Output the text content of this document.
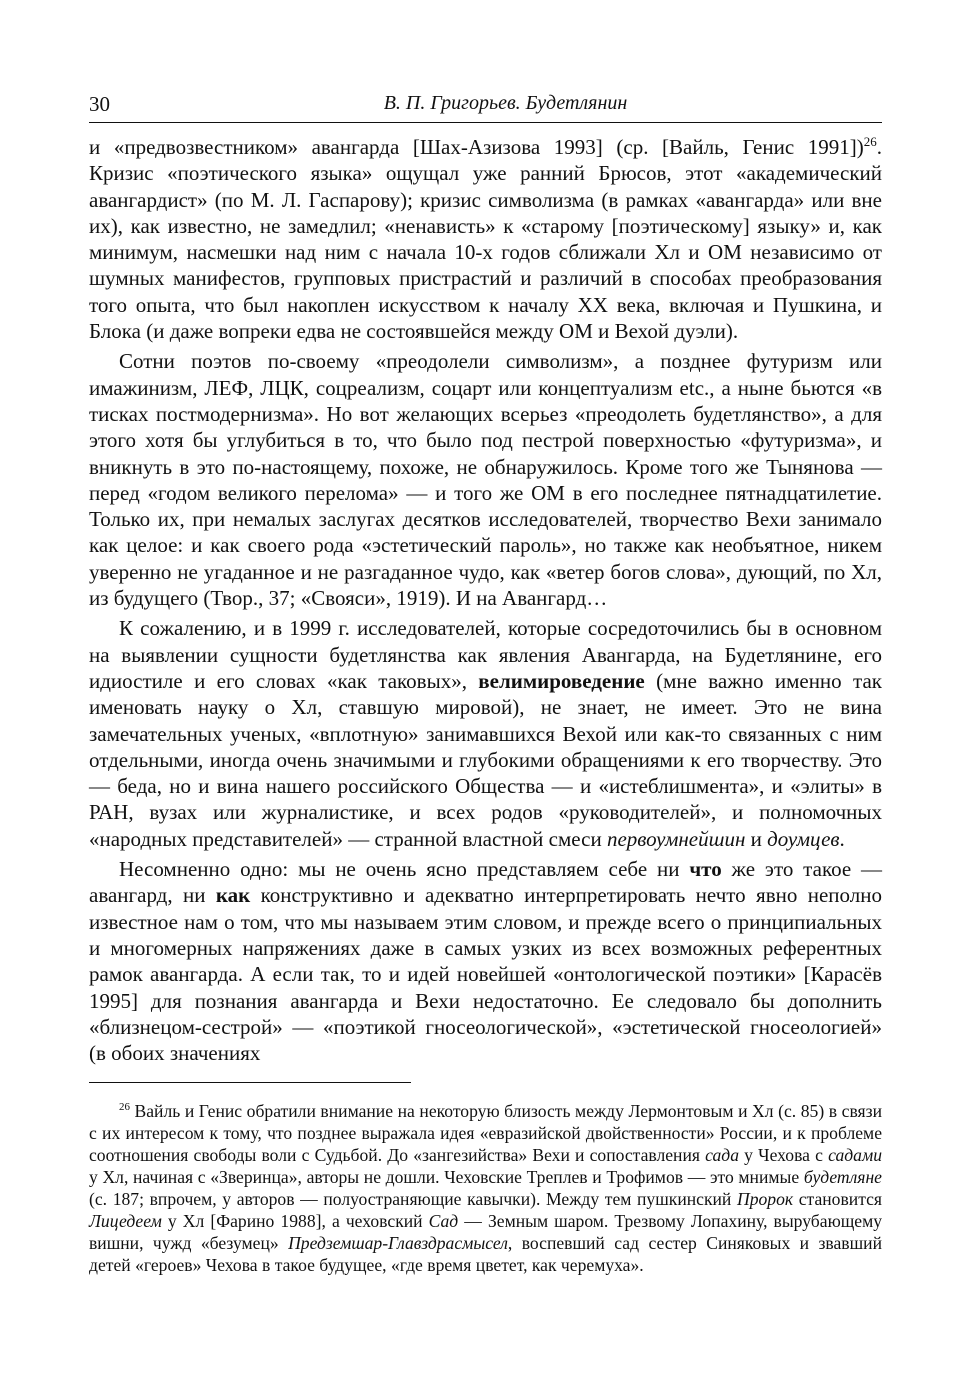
30	В. П. Григорьев. Будетлянин

и «предвозвестником» авангарда [Шах-Азизова 1993] (ср. [Вайль, Генис 1991])$^{26}$. Кризис «поэтического языка» ощущал уже ранний Брюсов, этот «академический авангардист» (по М. Л. Гаспарову); кризис символизма (в рамках «авангарда» или вне их), как известно, не замедлил; «ненависть» к «старому [поэтическому] языку» и, как минимум, насмешки над ним с начала 10-х годов сближали Хл и ОМ независимо от шумных манифестов, групповых пристрастий и различий в способах преобразования того опыта, что был накоплен искусством к началу XX века, включая и Пушкина, и Блока (и даже вопреки едва не состоявшейся между ОМ и Вехой дуэли).

Сотни поэтов по-своему «преодолели символизм», а позднее футуризм или имажинизм, ЛЕФ, ЛЦК, соцреализм, соцарт или концептуализм etc., а ныне бьются «в тисках постмодернизма». Но вот желающих всерьез «преодолеть будетлянство», а для этого хотя бы углубиться в то, что было под пестрой поверхностью «футуризма», и вникнуть в это по-настоящему, похоже, не обнаружилось. Кроме того же Тынянова — перед «годом великого перелома» — и того же ОМ в его последнее пятнадцатилетие. Только их, при немалых заслугах десятков исследователей, творчество Вехи занимало как целое: и как своего рода «эстетический пароль», но также как необъятное, никем уверенно не угаданное и не разгаданное чудо, как «ветер богов слова», дующий, по Хл, из будущего (Твор., 37; «Свояси», 1919). И на Авангард…

К сожалению, и в 1999 г. исследователей, которые сосредоточились бы в основном на выявлении сущности будетлянства как явления Авангарда, на Будетлянине, его идиостиле и его словах «как таковых», велимироведение (мне важно именно так именовать науку о Хл, ставшую мировой), не знает, не имеет. Это не вина замечательных ученых, «вплотную» занимавшихся Вехой или как-то связанных с ним отдельными, иногда очень значимыми и глубокими обращениями к его творчеству. Это — беда, но и вина нашего российского Общества — и «истеблишмента», и «элиты» в РАН, вузах или журналистике, и всех родов «руководителей», и полномочных «народных представителей» — странной властной смеси первоумнейшин и доумцев.

Несомненно одно: мы не очень ясно представляем себе ни что же это такое — авангард, ни как конструктивно и адекватно интерпретировать нечто явно неполно известное нам о том, что мы называем этим словом, и прежде всего о принципиальных и многомерных напряжениях даже в самых узких из всех возможных референтных рамок авангарда. А если так, то и идей новейшей «онтологической поэтики» [Карасёв 1995] для познания авангарда и Вехи недостаточно. Ее следовало бы дополнить «близнецом-сестрой» — «поэтикой гносеологической», «эстетической гносеологией» (в обоих значениях

$^{26}$ Вайль и Генис обратили внимание на некоторую близость между Лермонтовым и Хл (с. 85) в связи с их интересом к тому, что позднее выражала идея «евразийской двойственности» России, и к проблеме соотношения свободы воли с Судьбой. До «зангезийства» Вехи и сопоставления сада у Чехова с садами у Хл, начиная с «Зверинца», авторы не дошли. Чеховские Треплев и Трофимов — это мнимые будетляне (с. 187; впрочем, у авторов — полуостраняющие кавычки). Между тем пушкинский Пророк становится Лицедеем у Хл [Фарино 1988], а чеховский Сад — Земным шаром. Трезвому Лопахину, вырубающему вишни, чужд «безумец» Предземшар-Главздрасмысел, воспевший сад сестер Синяковых и звавший детей «героев» Чехова в такое будущее, «где время цветет, как черемуха».
